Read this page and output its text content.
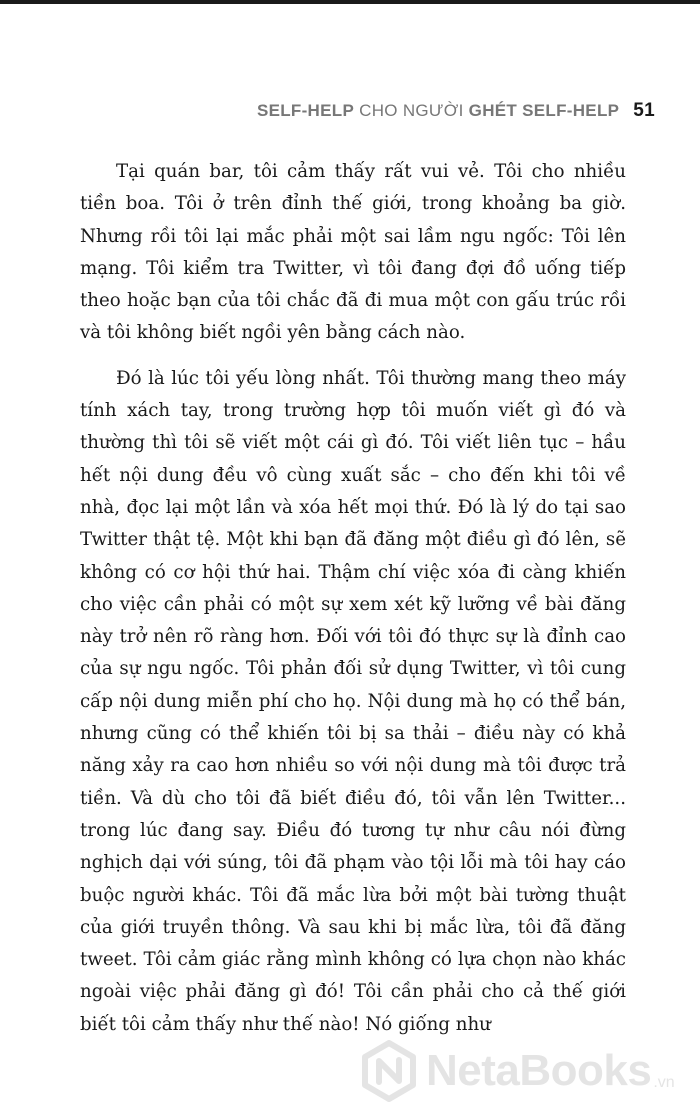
SELF-HELP CHO NGƯỜI GHÉT SELF-HELP 51

Tại quán bar, tôi cảm thấy rất vui vẻ. Tôi cho nhiều tiền boa. Tôi ở trên đỉnh thế giới, trong khoảng ba giờ. Nhưng rồi tôi lại mắc phải một sai lầm ngu ngốc: Tôi lên mạng. Tôi kiểm tra Twitter, vì tôi đang đợi đồ uống tiếp theo hoặc bạn của tôi chắc đã đi mua một con gấu trúc rồi và tôi không biết ngồi yên bằng cách nào.

Đó là lúc tôi yếu lòng nhất. Tôi thường mang theo máy tính xách tay, trong trường hợp tôi muốn viết gì đó và thường thì tôi sẽ viết một cái gì đó. Tôi viết liên tục – hầu hết nội dung đều vô cùng xuất sắc – cho đến khi tôi về nhà, đọc lại một lần và xóa hết mọi thứ. Đó là lý do tại sao Twitter thật tệ. Một khi bạn đã đăng một điều gì đó lên, sẽ không có cơ hội thứ hai. Thậm chí việc xóa đi càng khiến cho việc cần phải có một sự xem xét kỹ lưỡng về bài đăng này trở nên rõ ràng hơn. Đối với tôi đó thực sự là đỉnh cao của sự ngu ngốc. Tôi phản đối sử dụng Twitter, vì tôi cung cấp nội dung miễn phí cho họ. Nội dung mà họ có thể bán, nhưng cũng có thể khiến tôi bị sa thải – điều này có khả năng xảy ra cao hơn nhiều so với nội dung mà tôi được trả tiền. Và dù cho tôi đã biết điều đó, tôi vẫn lên Twitter... trong lúc đang say. Điều đó tương tự như câu nói đừng nghịch dại với súng, tôi đã phạm vào tội lỗi mà tôi hay cáo buộc người khác. Tôi đã mắc lừa bởi một bài tường thuật của giới truyền thông. Và sau khi bị mắc lừa, tôi đã đăng tweet. Tôi cảm giác rằng mình không có lựa chọn nào khác ngoài việc phải đăng gì đó! Tôi cần phải cho cả thế giới biết tôi cảm thấy như thế nào! Nó giống như

NetaBooks .vn
